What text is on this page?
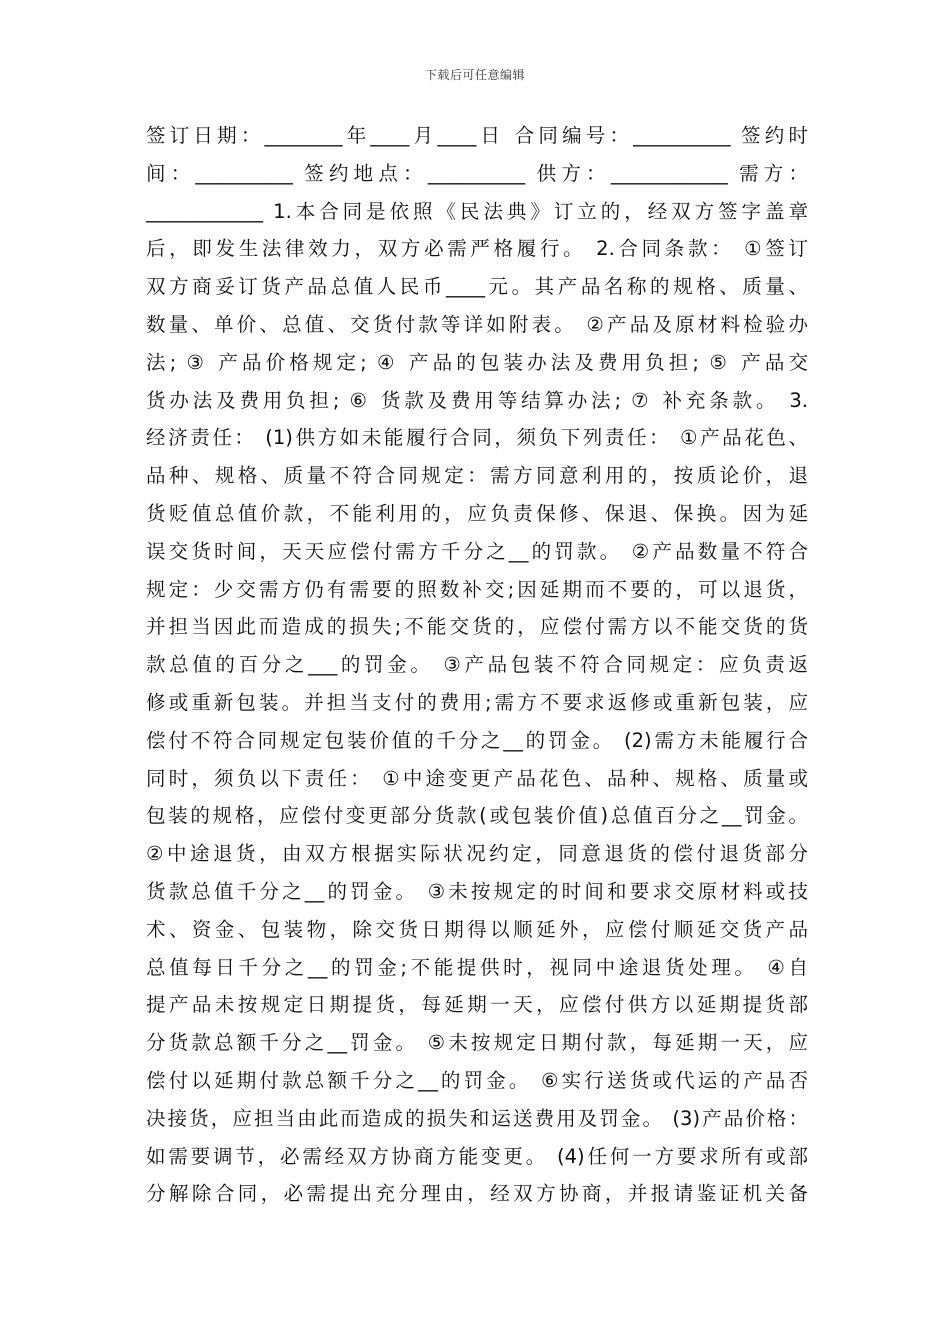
下载后可任意编辑
签订日期：________年____月____日 合同编号：__________ 签约时
间：__________ 签约地点：__________ 供方：____________ 需方：
____________ 1.本合同是依照《民法典》订立的，经双方签字盖章
后，即发生法律效力，双方必需严格履行。 2.合同条款： ①签订
双方商妥订货产品总值人民币____元。其产品名称的规格、质量、
数量、单价、总值、交货付款等详如附表。 ②产品及原材料检验办
法; ③ 产品价格规定; ④ 产品的包装办法及费用负担; ⑤ 产品交
货办法及费用负担; ⑥ 货款及费用等结算办法; ⑦ 补充条款。 3.
经济责任： (1)供方如未能履行合同，须负下列责任： ①产品花色、
品种、规格、质量不符合同规定：需方同意利用的，按质论价，退
货贬值总值价款，不能利用的，应负责保修、保退、保换。因为延
误交货时间，天天应偿付需方千分之__的罚款。 ②产品数量不符合
规定：少交需方仍有需要的照数补交;因延期而不要的，可以退货，
并担当因此而造成的损失;不能交货的，应偿付需方以不能交货的货
款总值的百分之___的罚金。 ③产品包装不符合同规定：应负责返
修或重新包装。并担当支付的费用;需方不要求返修或重新包装，应
偿付不符合同规定包装价值的千分之__的罚金。 (2)需方未能履行合
同时，须负以下责任： ①中途变更产品花色、品种、规格、质量或
包装的规格，应偿付变更部分货款(或包装价值)总值百分之__罚金。
②中途退货，由双方根据实际状况约定，同意退货的偿付退货部分
货款总值千分之__的罚金。 ③未按规定的时间和要求交原材料或技
术、资金、包装物，除交货日期得以顺延外，应偿付顺延交货产品
总值每日千分之__的罚金;不能提供时，视同中途退货处理。 ④自
提产品未按规定日期提货，每延期一天，应偿付供方以延期提货部
分货款总额千分之__罚金。 ⑤未按规定日期付款，每延期一天，应
偿付以延期付款总额千分之__的罚金。 ⑥实行送货或代运的产品否
决接货，应担当由此而造成的损失和运送费用及罚金。 (3)产品价格：
如需要调节，必需经双方协商方能变更。 (4)任何一方要求所有或部
分解除合同，必需提出充分理由，经双方协商，并报请鉴证机关备
